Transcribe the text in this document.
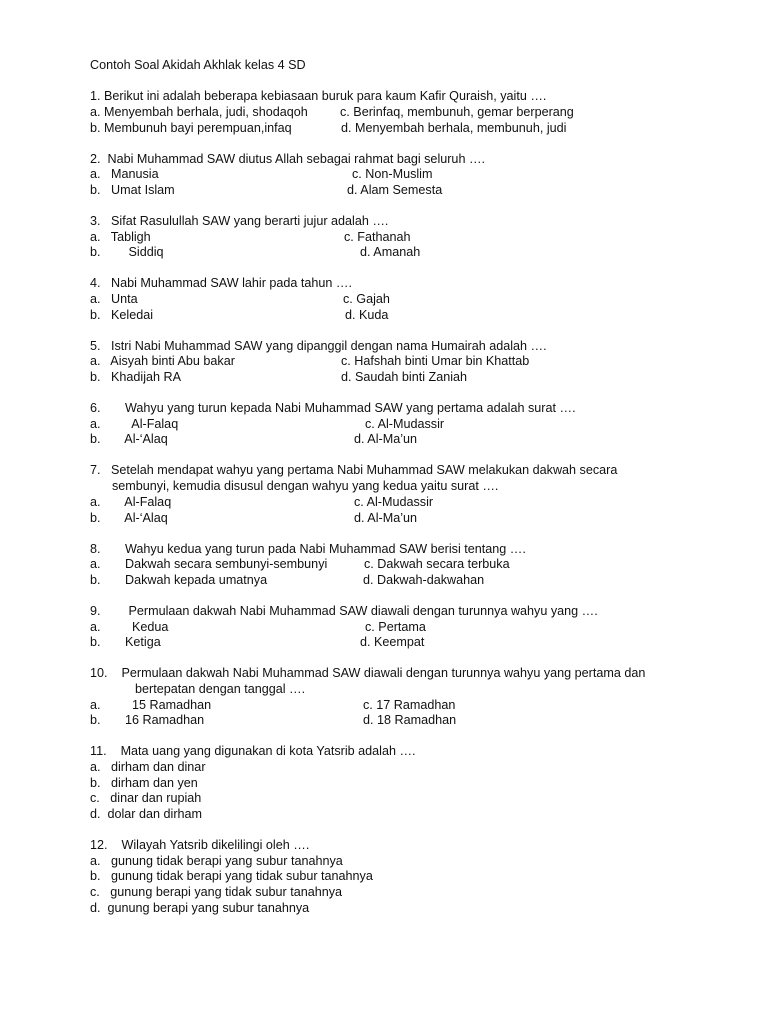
Contoh Soal Akidah Akhlak kelas 4 SD
1. Berikut ini adalah beberapa kebiasaan buruk para kaum Kafir Quraish, yaitu ….
a. Menyembah berhala, judi, shodaqoh	c. Berinfaq, membunuh, gemar berperang
b. Membunuh bayi perempuan,infaq	d. Menyembah berhala, membunuh, judi
2.  Nabi Muhammad SAW diutus Allah sebagai rahmat bagi seluruh ….
a.   Manusia	c. Non-Muslim
b.   Umat Islam	d. Alam Semesta
3.   Sifat Rasulullah SAW yang berarti jujur adalah ….
a.   Tabligh	c. Fathanah
b.        Siddiq	d. Amanah
4.   Nabi Muhammad SAW lahir pada tahun ….
a.   Unta	c. Gajah
b.   Keledai	d. Kuda
5.   Istri Nabi Muhammad SAW yang dipanggil dengan nama Humairah adalah ….
a.   Aisyah binti Abu bakar	c. Hafshah binti Umar bin Khattab
b.   Khadijah RA	d. Saudah binti Zaniah
6.       Wahyu yang turun kepada Nabi Muhammad SAW yang pertama adalah surat ….
a.         Al-Falaq	c. Al-Mudassir
b.       Al-‘Alaq	d. Al-Ma’un
7.   Setelah mendapat wahyu yang pertama Nabi Muhammad SAW melakukan dakwah secara
sembunyi, kemudia disusul dengan wahyu yang kedua yaitu surat ….
a.       Al-Falaq	c. Al-Mudassir
b.       Al-‘Alaq	d. Al-Ma’un
8.       Wahyu kedua yang turun pada Nabi Muhammad SAW berisi tentang ….
a.       Dakwah secara sembunyi-sembunyi	c. Dakwah secara terbuka
b.       Dakwah kepada umatnya	d. Dakwah-dakwahan
9.        Permulaan dakwah Nabi Muhammad SAW diawali dengan turunnya wahyu yang ….
a.         Kedua	c. Pertama
b.       Ketiga	d. Keempat
10.    Permulaan dakwah Nabi Muhammad SAW diawali dengan turunnya wahyu yang pertama dan
bertepatan dengan tanggal ….
a.         15 Ramadhan	c. 17 Ramadhan
b.       16 Ramadhan	d. 18 Ramadhan
11.    Mata uang yang digunakan di kota Yatsrib adalah ….
a.   dirham dan dinar
b.   dirham dan yen
c.   dinar dan rupiah
d.  dolar dan dirham
12.    Wilayah Yatsrib dikelilingi oleh ….
a.   gunung tidak berapi yang subur tanahnya
b.   gunung tidak berapi yang tidak subur tanahnya
c.   gunung berapi yang tidak subur tanahnya
d.  gunung berapi yang subur tanahnya
